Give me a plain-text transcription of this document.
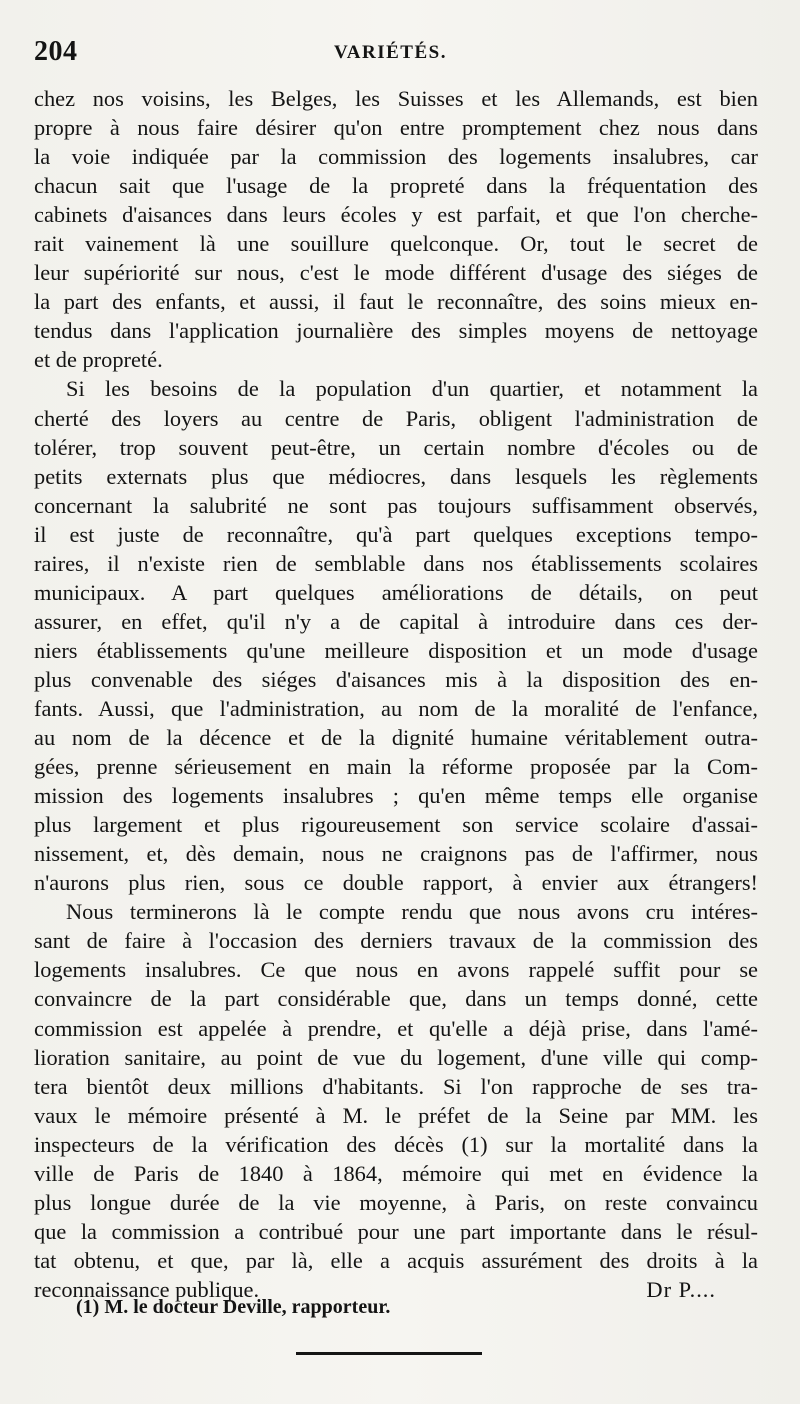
204	VARIÉTÉS.

chez nos voisins, les Belges, les Suisses et les Allemands, est bien
propre à nous faire désirer qu'on entre promptement chez nous dans
la voie indiquée par la commission des logements insalubres, car
chacun sait que l'usage de la propreté dans la fréquentation des
cabinets d'aisances dans leurs écoles y est parfait, et que l'on cherche-
rait vainement là une souillure quelconque. Or, tout le secret de
leur supériorité sur nous, c'est le mode différent d'usage des siéges de
la part des enfants, et aussi, il faut le reconnaître, des soins mieux en-
tendus dans l'application journalière des simples moyens de nettoyage
et de propreté.

Si les besoins de la population d'un quartier, et notamment la
cherté des loyers au centre de Paris, obligent l'administration de
tolérer, trop souvent peut-être, un certain nombre d'écoles ou de
petits externats plus que médiocres, dans lesquels les règlements
concernant la salubrité ne sont pas toujours suffisamment observés,
il est juste de reconnaître, qu'à part quelques exceptions tempo-
raires, il n'existe rien de semblable dans nos établissements scolaires
municipaux. A part quelques améliorations de détails, on peut
assurer, en effet, qu'il n'y a de capital à introduire dans ces der-
niers établissements qu'une meilleure disposition et un mode d'usage
plus convenable des siéges d'aisances mis à la disposition des en-
fants. Aussi, que l'administration, au nom de la moralité de l'enfance,
au nom de la décence et de la dignité humaine véritablement outra-
gées, prenne sérieusement en main la réforme proposée par la Com-
mission des logements insalubres ; qu'en même temps elle organise
plus largement et plus rigoureusement son service scolaire d'assai-
nissement, et, dès demain, nous ne craignons pas de l'affirmer, nous
n'aurons plus rien, sous ce double rapport, à envier aux étrangers!

Nous terminerons là le compte rendu que nous avons cru intéres-
sant de faire à l'occasion des derniers travaux de la commission des
logements insalubres. Ce que nous en avons rappelé suffit pour se
convaincre de la part considérable que, dans un temps donné, cette
commission est appelée à prendre, et qu'elle a déjà prise, dans l'amé-
lioration sanitaire, au point de vue du logement, d'une ville qui comp-
tera bientôt deux millions d'habitants. Si l'on rapproche de ses tra-
vaux le mémoire présenté à M. le préfet de la Seine par MM. les
inspecteurs de la vérification des décès (1) sur la mortalité dans la
ville de Paris de 1840 à 1864, mémoire qui met en évidence la
plus longue durée de la vie moyenne, à Paris, on reste convaincu
que la commission a contribué pour une part importante dans le résul-
tat obtenu, et que, par là, elle a acquis assurément des droits à la
reconnaissance publique.	Dr P....

(1) M. le docteur Deville, rapporteur.
